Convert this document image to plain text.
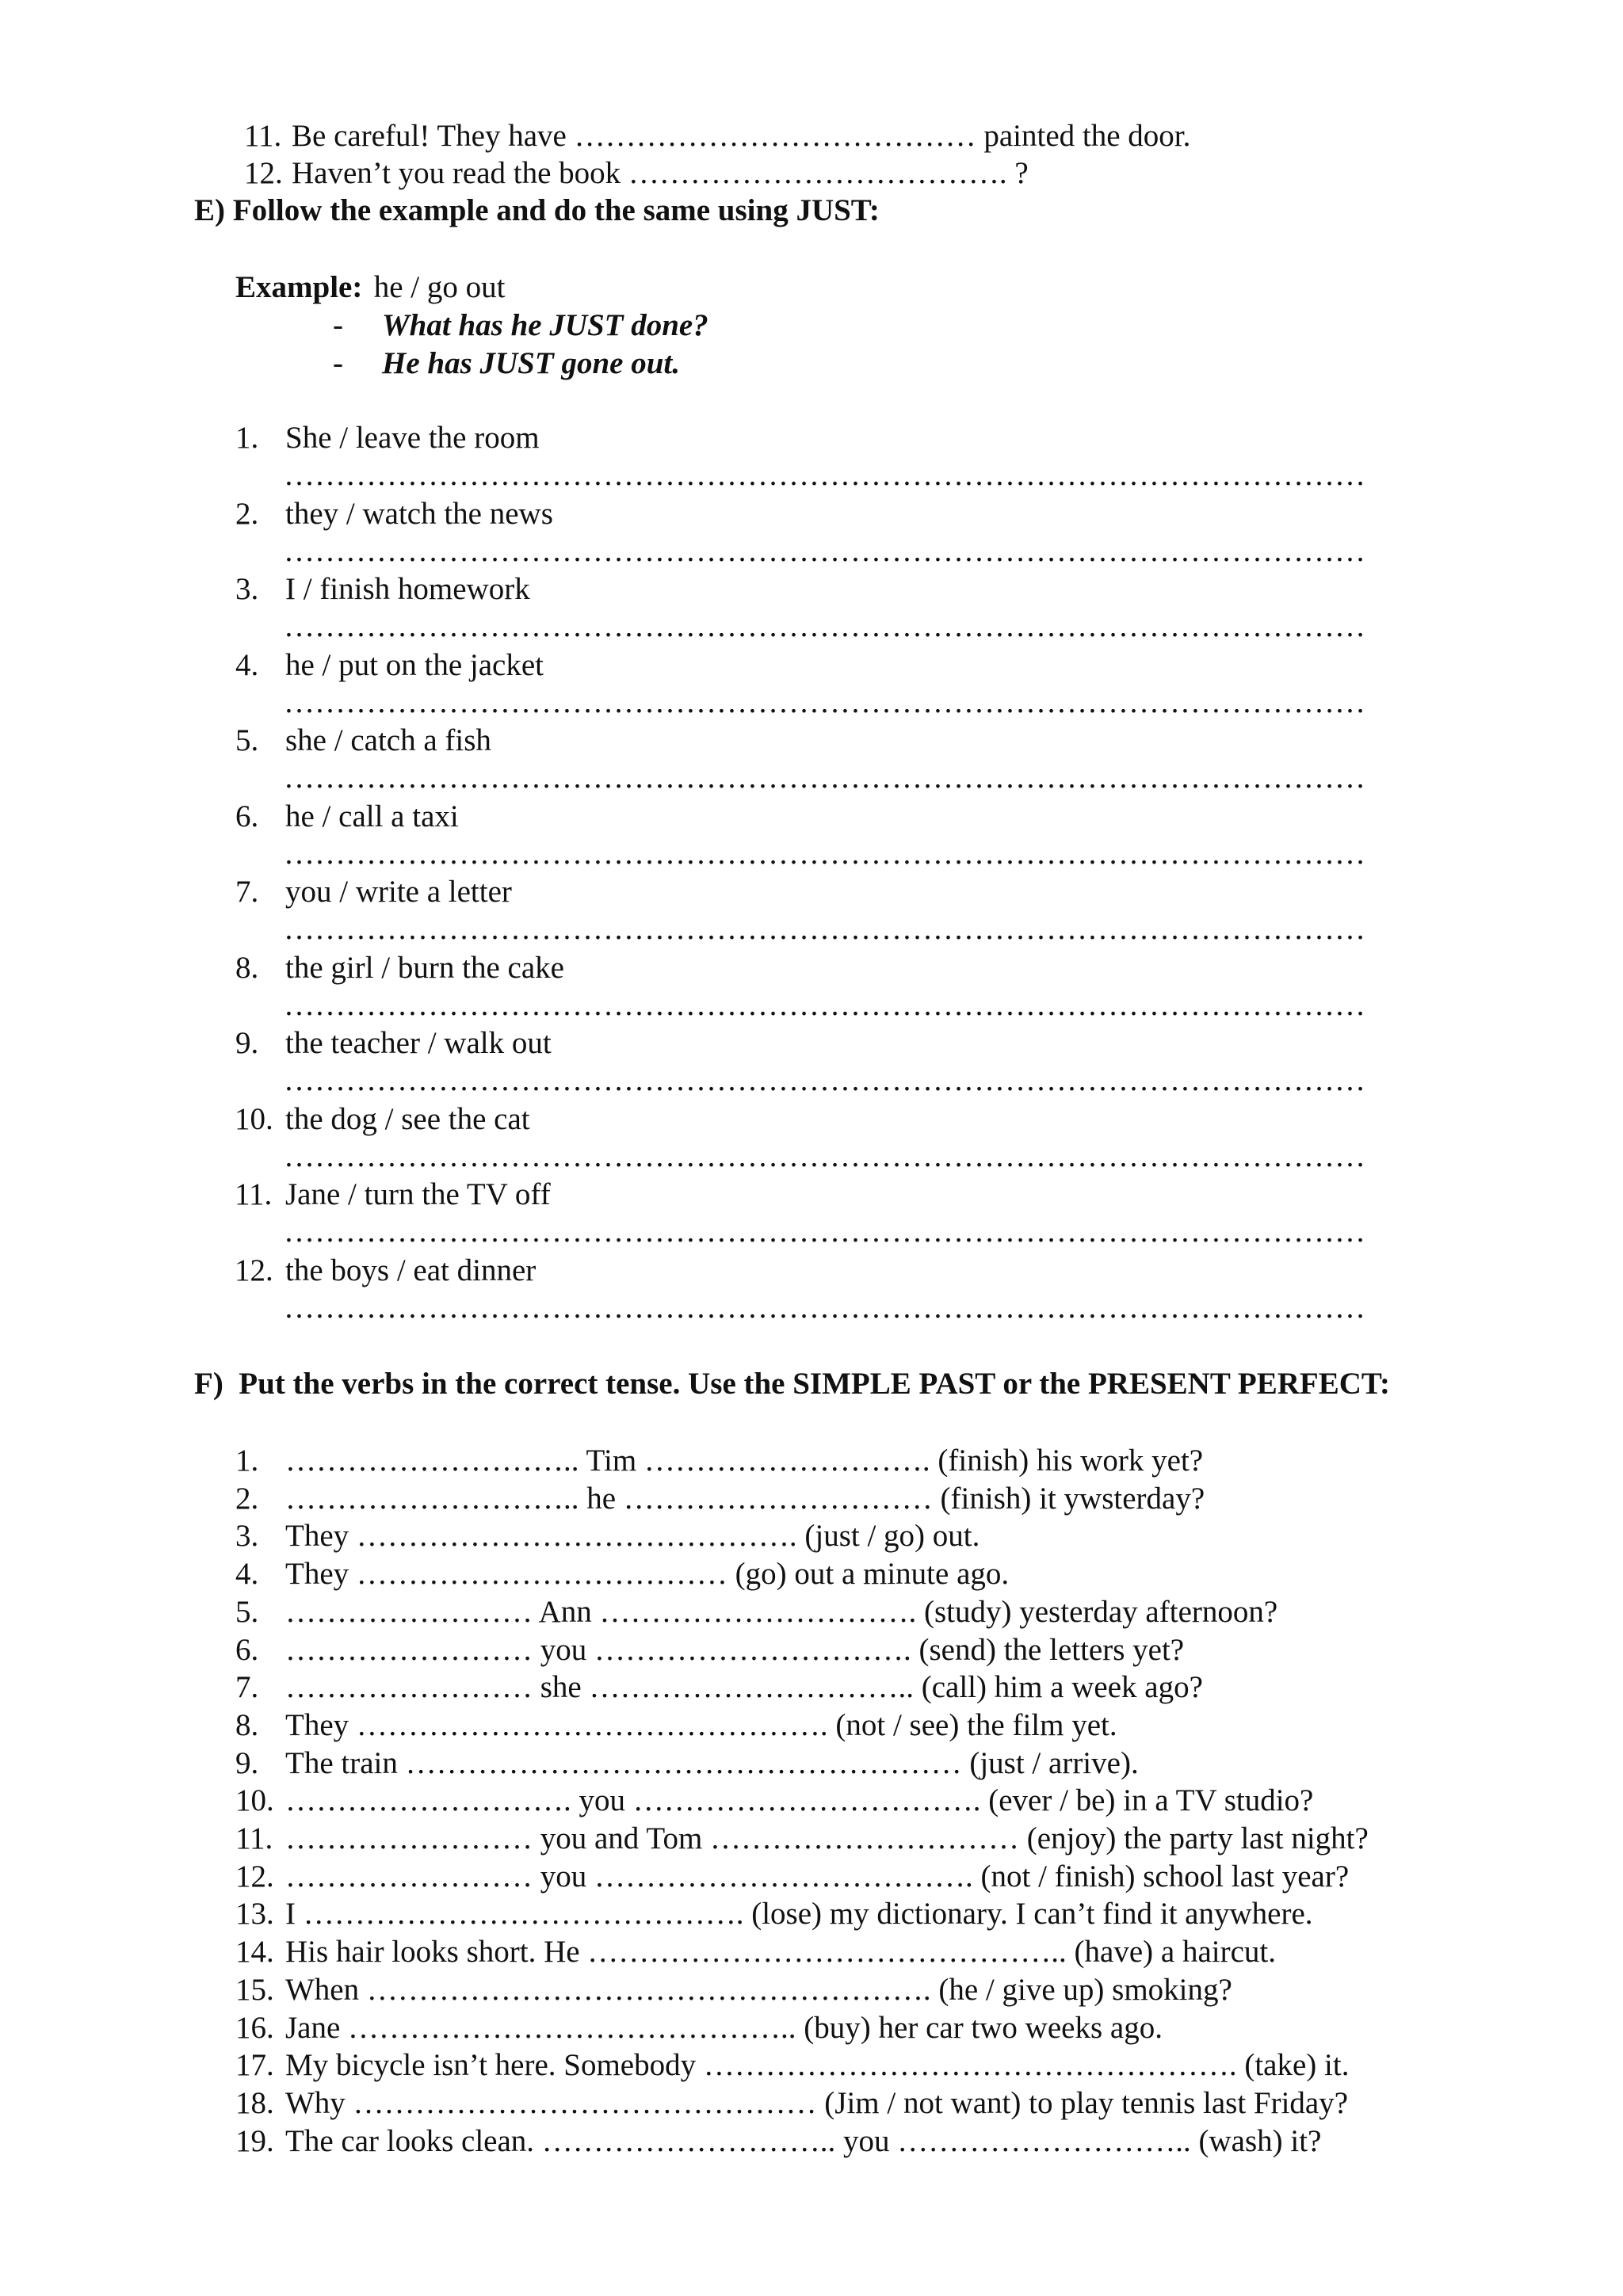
11. Be careful! They have ………………………………… painted the door.
12. Haven’t you read the book ………………………………. ?
E) Follow the example and do the same using JUST:
Example: he / go out
- What has he JUST done?
- He has JUST gone out.
1. She / leave the room
……………………………………………………………………………………………
2. they / watch the news
……………………………………………………………………………………………
3. I / finish homework
……………………………………………………………………………………………
4. he / put on the jacket
……………………………………………………………………………………………
5. she / catch a fish
……………………………………………………………………………………………
6. he / call a taxi
……………………………………………………………………………………………
7. you / write a letter
……………………………………………………………………………………………
8. the girl / burn the cake
……………………………………………………………………………………………
9. the teacher / walk out
……………………………………………………………………………………………
10. the dog / see the cat
……………………………………………………………………………………………
11. Jane / turn the TV off
……………………………………………………………………………………………
12. the boys / eat dinner
……………………………………………………………………………………………
F)  Put the verbs in the correct tense. Use the SIMPLE PAST or the PRESENT PERFECT:
1. ……………………….. Tim ………………………. (finish) his work yet?
2. ……………………….. he ………………………… (finish) it ywsterday?
3. They ……………………………………. (just / go) out.
4. They ……………………………… (go) out a minute ago.
5. …………………… Ann …………………………. (study) yesterday afternoon?
6. …………………… you …………………………. (send) the letters yet?
7. …………………… she ………………………….. (call) him a week ago?
8. They ………………………………………. (not / see) the film yet.
9. The train ……………………………………………… (just / arrive).
10. ………………………. you ……………………………. (ever / be) in a TV studio?
11. …………………… you and Tom ………………………… (enjoy) the party last night?
12. …………………… you ………………………………. (not / finish) school last year?
13. I ……………………………………. (lose) my dictionary. I can’t find it anywhere.
14. His hair looks short. He ……………………………………….. (have) a haircut.
15. When ………………………………………………. (he / give up) smoking?
16. Jane …………………………………….. (buy) her car two weeks ago.
17. My bicycle isn’t here. Somebody ……………………………………………. (take) it.
18. Why ……………………………………… (Jim / not want) to play tennis last Friday?
19. The car looks clean. ……………………….. you ……………………….. (wash) it?
